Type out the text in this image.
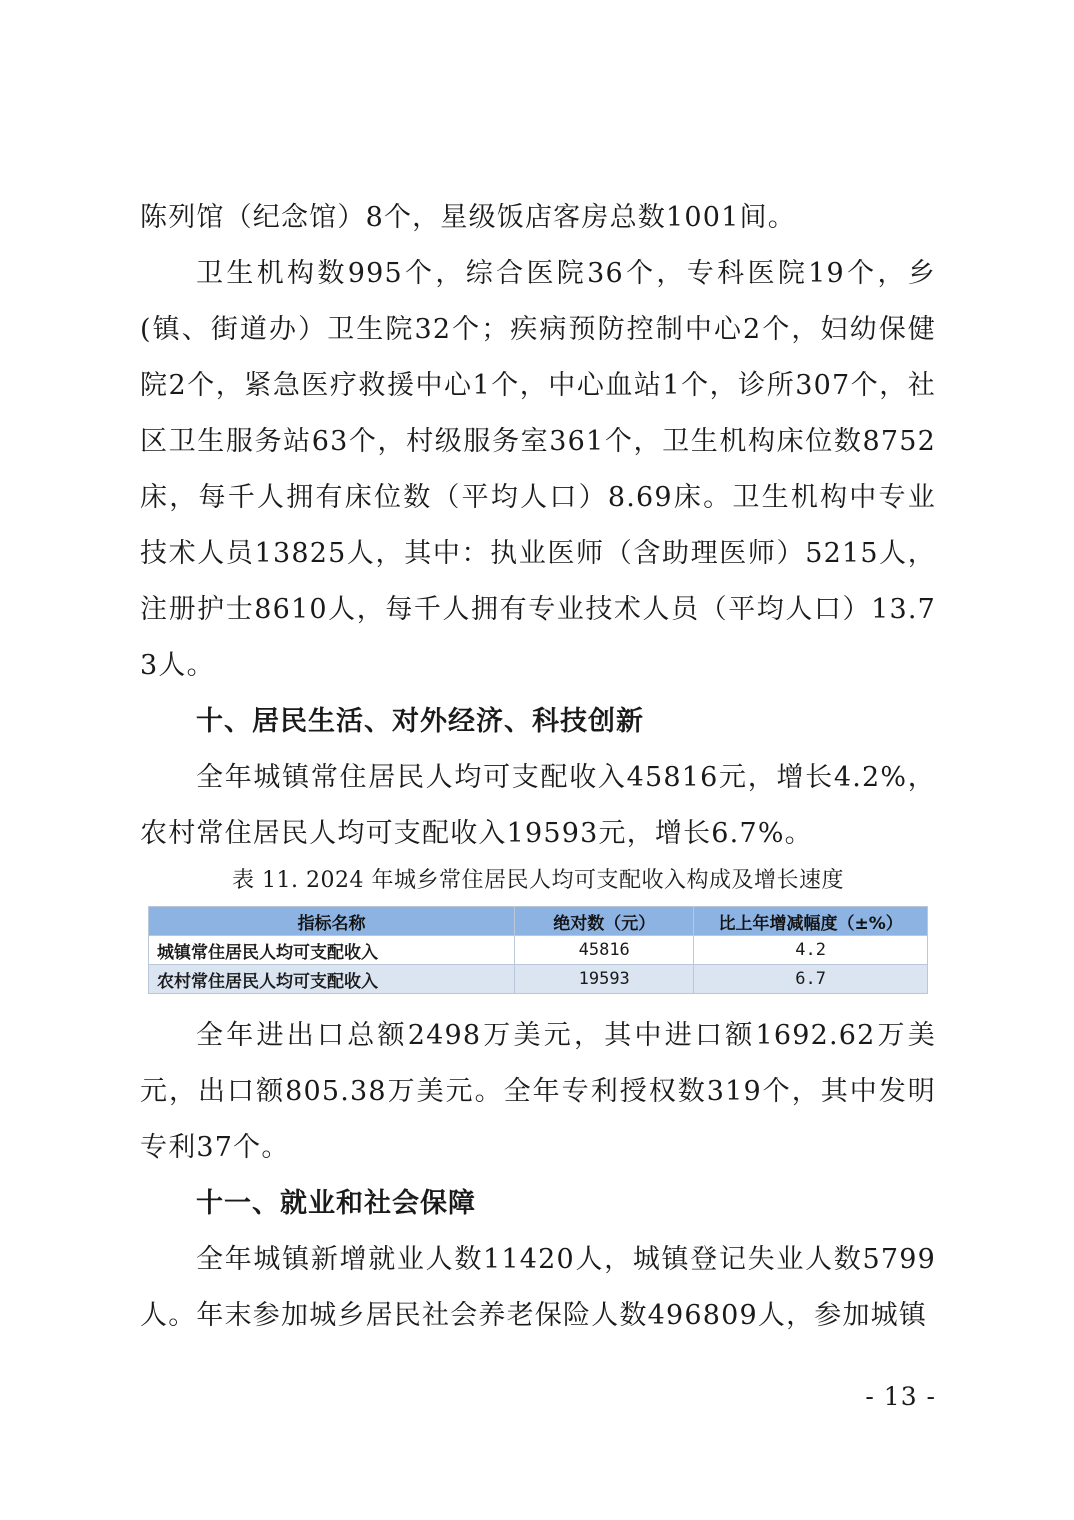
陈列馆（纪念馆）8个，星级饭店客房总数1001间。

卫生机构数995个，综合医院36个，专科医院19个，乡(镇、街道办）卫生院32个；疾病预防控制中心2个，妇幼保健院2个，紧急医疗救援中心1个，中心血站1个，诊所307个，社区卫生服务站63个，村级服务室361个，卫生机构床位数8752床，每千人拥有床位数（平均人口）8.69床。卫生机构中专业技术人员13825人，其中：执业医师（含助理医师）5215人，注册护士8610人，每千人拥有专业技术人员（平均人口）13.73人。

十、居民生活、对外经济、科技创新

全年城镇常住居民人均可支配收入45816元，增长4.2%，农村常住居民人均可支配收入19593元，增长6.7%。

表 11. 2024 年城乡常住居民人均可支配收入构成及增长速度
指标名称	绝对数（元）	比上年增减幅度（±%）
城镇常住居民人均可支配收入	45816	4.2
农村常住居民人均可支配收入	19593	6.7

全年进出口总额2498万美元，其中进口额1692.62万美元，出口额805.38万美元。全年专利授权数319个，其中发明专利37个。

十一、就业和社会保障

全年城镇新增就业人数11420人，城镇登记失业人数5799人。年末参加城乡居民社会养老保险人数496809人，参加城镇

- 13 -
